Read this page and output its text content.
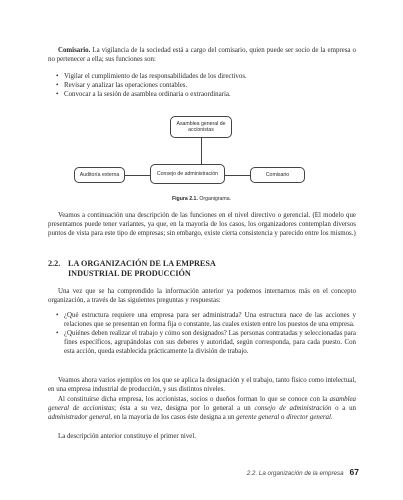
Comisario. La vigilancia de la sociedad está a cargo del comisario, quien puede ser socio de la empresa o no pertenecer a ella; sus funciones son:
• Vigilar el cumplimiento de las responsabilidades de los directivos.
• Revisar y analizar las operaciones contables.
• Convocar a la sesión de asamblea ordinaria o extraordinaria.
Asamblea general de accionistas
Auditoría externa	Consejo de administración	Comisario
Figura 2.1. Organigrama.
Veamos a continuación una descripción de las funciones en el nivel directivo o gerencial. (El modelo que presentamos puede tener variantes, ya que, en la mayoría de los casos, los organizadores contemplan diversos puntos de vista para este tipo de empresas; sin embargo, existe cierta consistencia y parecido entre los mismos.)
2.2. LA ORGANIZACIÓN DE LA EMPRESA
INDUSTRIAL DE PRODUCCIÓN
Una vez que se ha comprendido la información anterior ya podemos internarnos más en el concepto organización, a través de las siguientes preguntas y respuestas:
• ¿Qué estructura requiere una empresa para ser administrada? Una estructura nace de las acciones y relaciones que se presentan en forma fija o constante, las cuales existen entre los puestos de una empresa.
• ¿Quiénes deben realizar el trabajo y cómo son designados? Las personas contratadas y seleccionadas para fines específicos, agrupándolas con sus deberes y autoridad, según corresponda, para cada puesto. Con esta acción, queda establecida prácticamente la división de trabajo.
Veamos ahora varios ejemplos en los que se aplica la designación y el trabajo, tanto físico como intelectual, en una empresa industrial de producción, y sus distintos niveles.
Al constituirse dicha empresa, los accionistas, socios o dueños forman lo que se conoce con la asamblea general de accionistas; ésta a su vez, designa por lo general a un consejo de administración o a un administrador general, en la mayoría de los casos éste designa a un gerente general o director general.
La descripción anterior constituye el primer nivel.
2.2. La organización de la empresa 67
